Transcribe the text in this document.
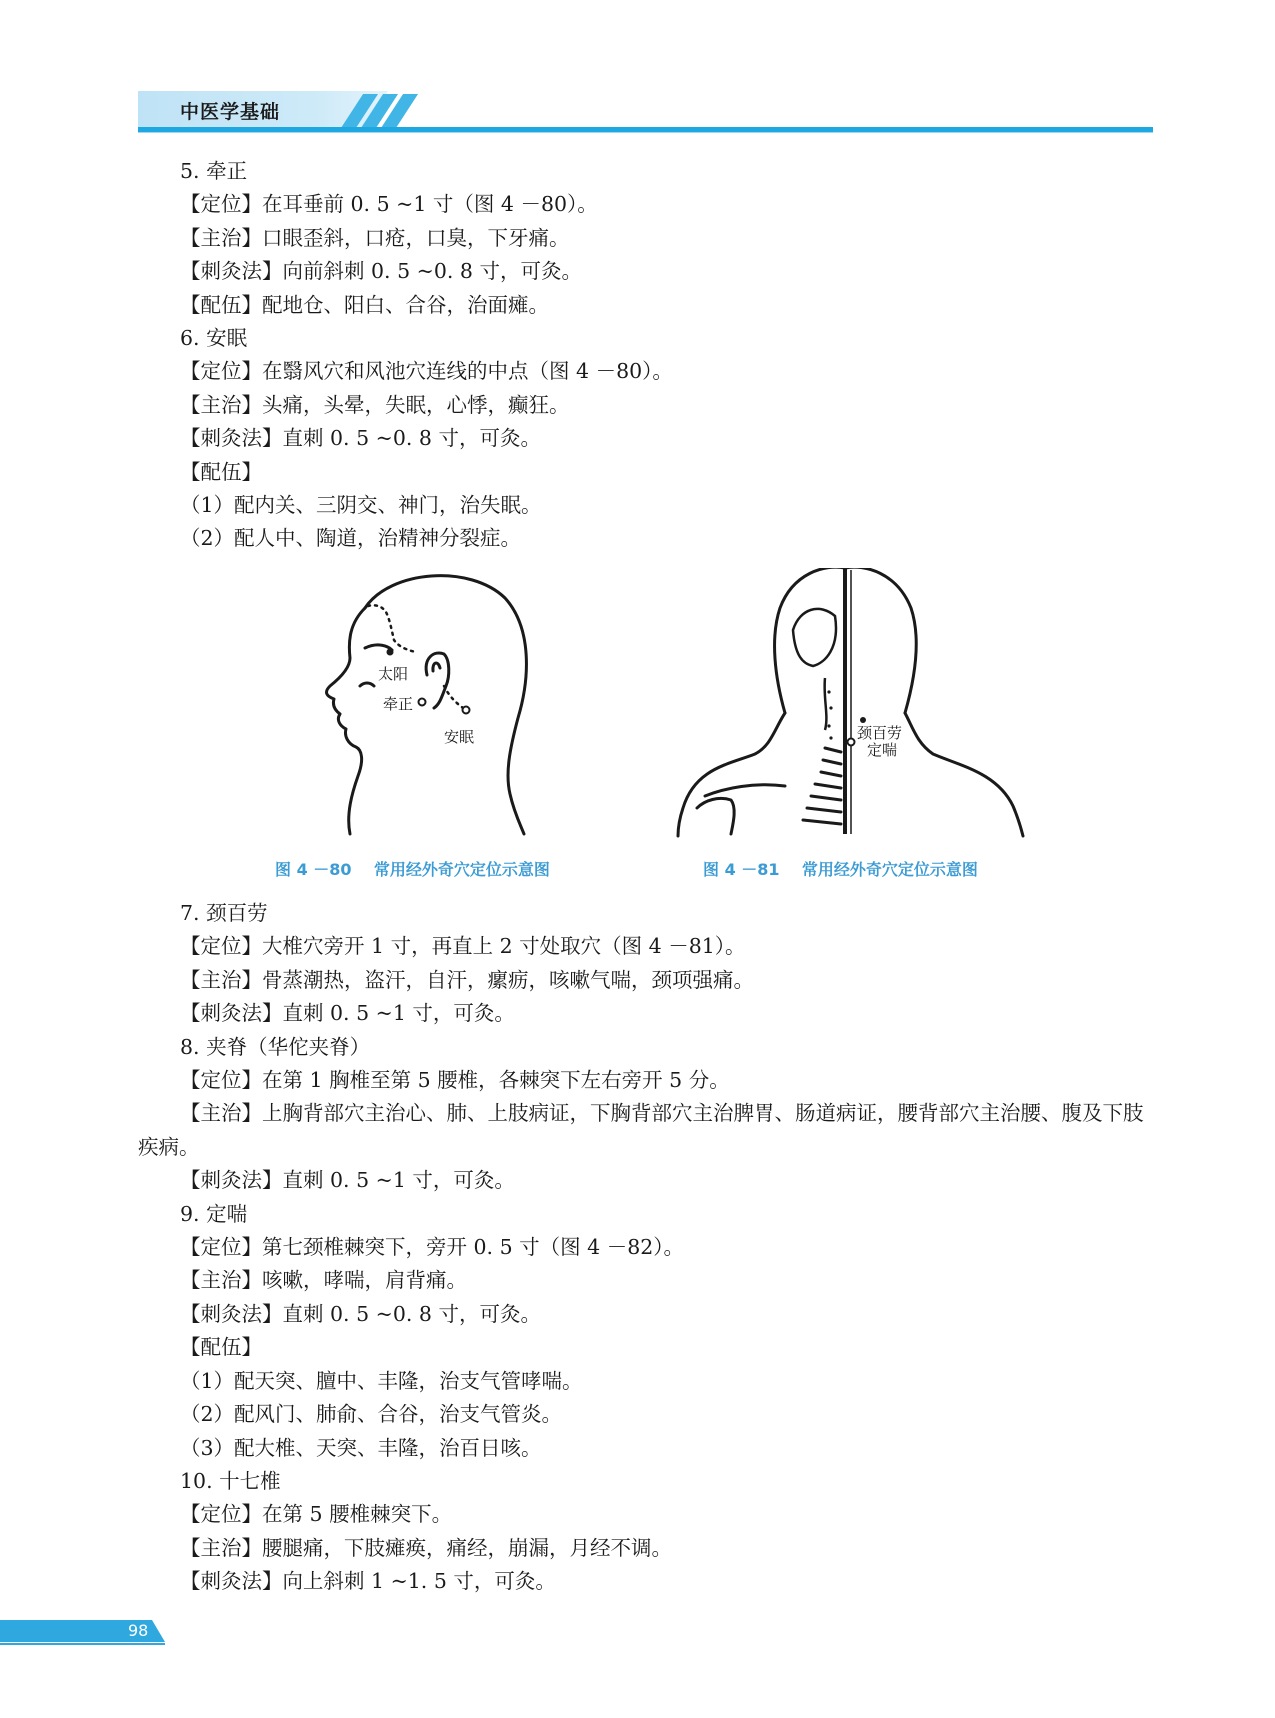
中医学基础
5. 牵正
【定位】在耳垂前 0. 5 ~1 寸（图 4 －80）。
【主治】口眼歪斜，口疮，口臭，下牙痛。
【刺灸法】向前斜刺 0. 5 ~0. 8 寸，可灸。
【配伍】配地仓、阳白、合谷，治面瘫。
6. 安眠
【定位】在翳风穴和风池穴连线的中点（图 4 －80）。
【主治】头痛，头晕，失眠，心悸，癫狂。
【刺灸法】直刺 0. 5 ~0. 8 寸，可灸。
【配伍】
（1）配内关、三阴交、神门，治失眠。
（2）配人中、陶道，治精神分裂症。
太阳
牵正
安眠	颈百劳
定喘
图 4 －80 常用经外奇穴定位示意图	图 4 －81 常用经外奇穴定位示意图
7. 颈百劳
【定位】大椎穴旁开 1 寸，再直上 2 寸处取穴（图 4 －81）。
【主治】骨蒸潮热，盗汗，自汗，瘰疬，咳嗽气喘，颈项强痛。
【刺灸法】直刺 0. 5 ~1 寸，可灸。
8. 夹脊（华佗夹脊）
【定位】在第 1 胸椎至第 5 腰椎，各棘突下左右旁开 5 分。
【主治】上胸背部穴主治心、肺、上肢病证，下胸背部穴主治脾胃、肠道病证，腰背部穴主治腰、腹及下肢疾病。
【刺灸法】直刺 0. 5 ~1 寸，可灸。
9. 定喘
【定位】第七颈椎棘突下，旁开 0. 5 寸（图 4 －82）。
【主治】咳嗽，哮喘，肩背痛。
【刺灸法】直刺 0. 5 ~0. 8 寸，可灸。
【配伍】
（1）配天突、膻中、丰隆，治支气管哮喘。
（2）配风门、肺俞、合谷，治支气管炎。
（3）配大椎、天突、丰隆，治百日咳。
10. 十七椎
【定位】在第 5 腰椎棘突下。
【主治】腰腿痛，下肢瘫痪，痛经，崩漏，月经不调。
【刺灸法】向上斜刺 1 ~1. 5 寸，可灸。
98
